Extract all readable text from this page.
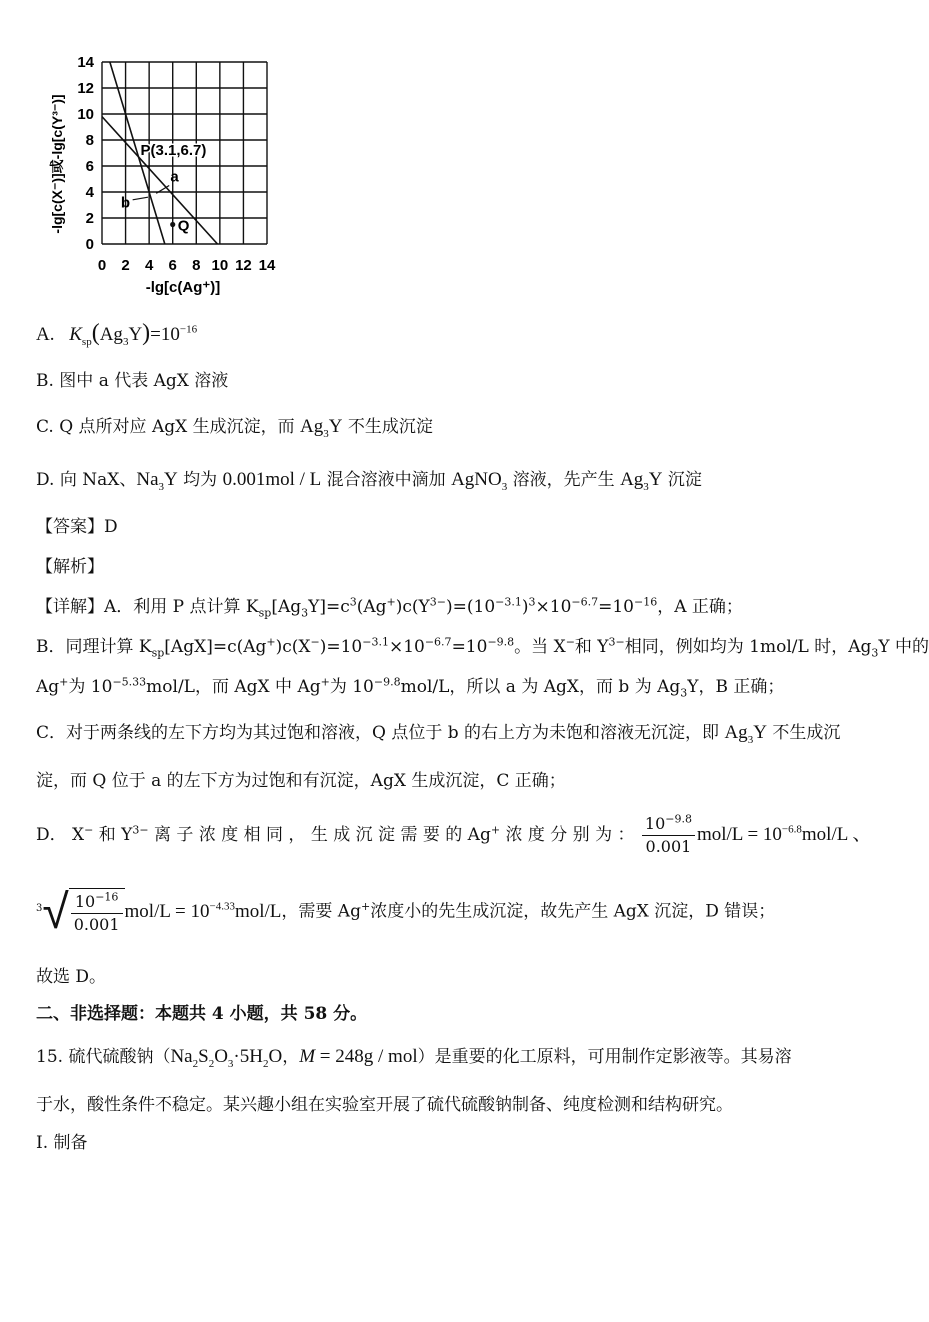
0 2 4 6 8 10 12 14
0
2
4
6
8
10
12
14
a
b
P(3.1,6.7)
Q
-lg[c(Ag⁺)]
-lg[c(X⁻)]或-lg[c(Y³⁻)]
A. $K_{sp}(Ag_3Y)=10^{-16}$
B. 图中 a 代表 AgX 溶液
C. Q 点所对应 AgX 生成沉淀，而 $Ag_3Y$ 不生成沉淀
D. 向 NaX、$Na_3Y$ 均为 0.001mol / L 混合溶液中滴加 AgNO$_3$ 溶液，先产生 $Ag_3Y$ 沉淀
【答案】D
【解析】
【详解】A．利用 P 点计算 $K_{sp}[Ag_3Y]=c^3(Ag^+)c(Y^{3-})=(10^{-3.1})^3\times 10^{-6.7}=10^{-16}$，A 正确；
B．同理计算 $K_{sp}[AgX]=c(Ag^+)c(X^-)=10^{-3.1}\times 10^{-6.7}=10^{-9.8}$。当 X−和 $Y^{3-}$相同，例如均为 1mol/L 时，$Ag_3Y$ 中的
Ag+为 $10^{-5.33}mol/L$，而 AgX 中 Ag+为 $10^{-9.8}mol/L$，所以 a 为 AgX，而 b 为 $Ag_3Y$，B 正确；
C．对于两条线的左下方均为其过饱和溶液，Q 点位于 b 的右上方为未饱和溶液无沉淀，即 $Ag_3Y$ 不生成沉
淀，而 Q 位于 a 的左下方为过饱和有沉淀，AgX 生成沉淀，C 正确；
D． X− 和 $Y^{3-}$ 离 子 浓 度 相 同 ， 生 成 沉 淀 需 要 的 Ag+ 浓 度 分 别 为 ： $\frac{10^{-9.8}}{0.001} mol/L = 10^{-6.8}mol/L$ 、
3 √ $\frac{10^{-16}}{0.001} mol/L = 10^{-4.33}mol/L$，需要 Ag+浓度小的先生成沉淀，故先产生 AgX 沉淀，D 错误；
故选 D。
二、非选择题：本题共 4 小题，共 58 分。
15. 硫代硫酸钠（$Na_2S_2O_3\cdot 5H_2O$，M = 248g / mol）是重要的化工原料，可用制作定影液等。其易溶
于水，酸性条件不稳定。某兴趣小组在实验室开展了硫代硫酸钠制备、纯度检测和结构研究。
Ⅰ. 制备
